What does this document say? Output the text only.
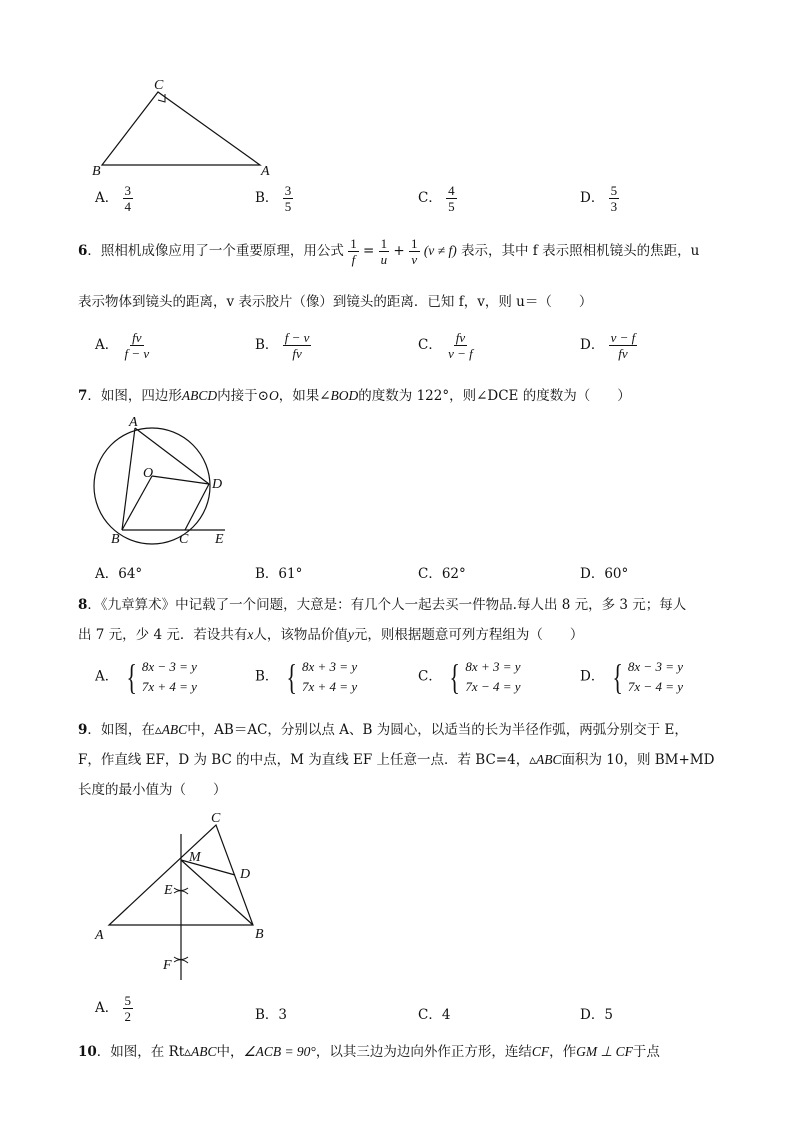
C
B	A
A． $\frac{3}{4}$	B． $\frac{3}{5}$	C． $\frac{4}{5}$	D． $\frac{5}{3}$
6．照相机成像应用了一个重要原理，用公式 $\frac{1}{f} = \frac{1}{u} + \frac{1}{v} (v \ne f)$ 表示，其中 f 表示照相机镜头的焦距，u
表示物体到镜头的距离，v 表示胶片（像）到镜头的距离．已知 f，v，则 u＝（　　）
A． $\frac{fv}{f - v}$	B． $\frac{f - v}{fv}$	C． $\frac{fv}{v - f}$	D． $\frac{v - f}{fv}$
7．如图，四边形ABCD内接于⊙O，如果∠BOD的度数为 122°，则∠DCE 的度数为（　　）
A
O
D
B	C E
A．64°	B．61°	C．62°	D．60°
8．《九章算术》中记载了一个问题，大意是：有几个人一起去买一件物品.每人出 8 元，多 3 元；每人
出 7 元，少 4 元．若设共有x人，该物品价值y元，则根据题意可列方程组为（　　）
A． { 8x − 3 = y
7x + 4 = y
B． { 8x + 3 = y
7x + 4 = y
C． { 8x + 3 = y
7x − 4 = y
D． { 8x − 3 = y
7x − 4 = y
9．如图，在▵ABC中，AB＝AC，分别以点 A、B 为圆心，以适当的长为半径作弧，两弧分别交于 E，
F，作直线 EF，D 为 BC 的中点，M 为直线 EF 上任意一点．若 BC=4，▵ABC面积为 10，则 BM+MD
长度的最小值为（　　）
C
M
D
E
A	B
F
A． $\frac{5}{2}$	B．3	C．4	D．5
10．如图，在 Rt▵ABC中，∠ACB = 90°，以其三边为边向外作正方形，连结CF，作GM ⊥ CF于点
